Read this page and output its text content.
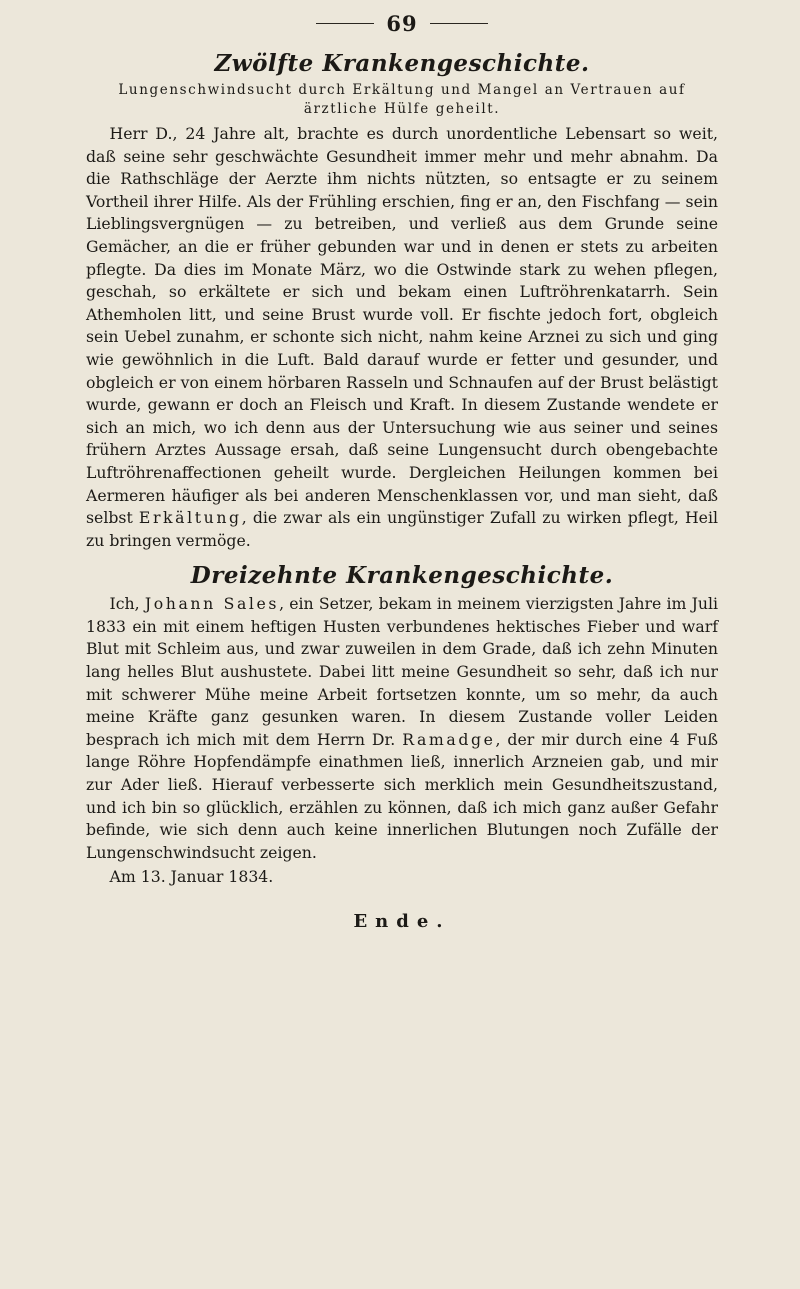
69
Zwölfte Krankengeschichte.
Lungenschwindsucht durch Erkältung und Mangel an Vertrauen auf ärztliche Hülfe geheilt.

Herr D., 24 Jahre alt, brachte es durch unordentliche Lebensart so weit, daß seine sehr geschwächte Gesundheit immer mehr und mehr abnahm. Da die Rathschläge der Aerzte ihm nichts nützten, so entsagte er zu seinem Vortheil ihrer Hilfe. Als der Frühling erschien, fing er an, den Fischfang — sein Lieblingsvergnügen — zu betreiben, und verließ aus dem Grunde seine Gemächer, an die er früher gebunden war und in denen er stets zu arbeiten pflegte. Da dies im Monate März, wo die Ostwinde stark zu wehen pflegen, geschah, so erkältete er sich und bekam einen Luftröhrenkatarrh. Sein Athemholen litt, und seine Brust wurde voll. Er fischte jedoch fort, obgleich sein Uebel zunahm, er schonte sich nicht, nahm keine Arznei zu sich und ging wie gewöhnlich in die Luft. Bald darauf wurde er fetter und gesunder, und obgleich er von einem hörbaren Rasseln und Schnaufen auf der Brust belästigt wurde, gewann er doch an Fleisch und Kraft. In diesem Zustande wendete er sich an mich, wo ich denn aus der Untersuchung wie aus seiner und seines frühern Arztes Aussage ersah, daß seine Lungensucht durch obengebachte Luftröhrenaffectionen geheilt wurde. Dergleichen Heilungen kommen bei Aermeren häufiger als bei anderen Menschenklassen vor, und man sieht, daß selbst Erkältung, die zwar als ein ungünstiger Zufall zu wirken pflegt, Heil zu bringen vermöge.

Dreizehnte Krankengeschichte.

Ich, Johann Sales, ein Setzer, bekam in meinem vierzigsten Jahre im Juli 1833 ein mit einem heftigen Husten verbundenes hektisches Fieber und warf Blut mit Schleim aus, und zwar zuweilen in dem Grade, daß ich zehn Minuten lang helles Blut aushustete. Dabei litt meine Gesundheit so sehr, daß ich nur mit schwerer Mühe meine Arbeit fortsetzen konnte, um so mehr, da auch meine Kräfte ganz gesunken waren. In diesem Zustande voller Leiden besprach ich mich mit dem Herrn Dr. Ramadge, der mir durch eine 4 Fuß lange Röhre Hopfendämpfe einathmen ließ, innerlich Arzneien gab, und mir zur Ader ließ. Hierauf verbesserte sich merklich mein Gesundheitszustand, und ich bin so glücklich, erzählen zu können, daß ich mich ganz außer Gefahr befinde, wie sich denn auch keine innerlichen Blutungen noch Zufälle der Lungenschwindsucht zeigen.

Am 13. Januar 1834.

Ende.
